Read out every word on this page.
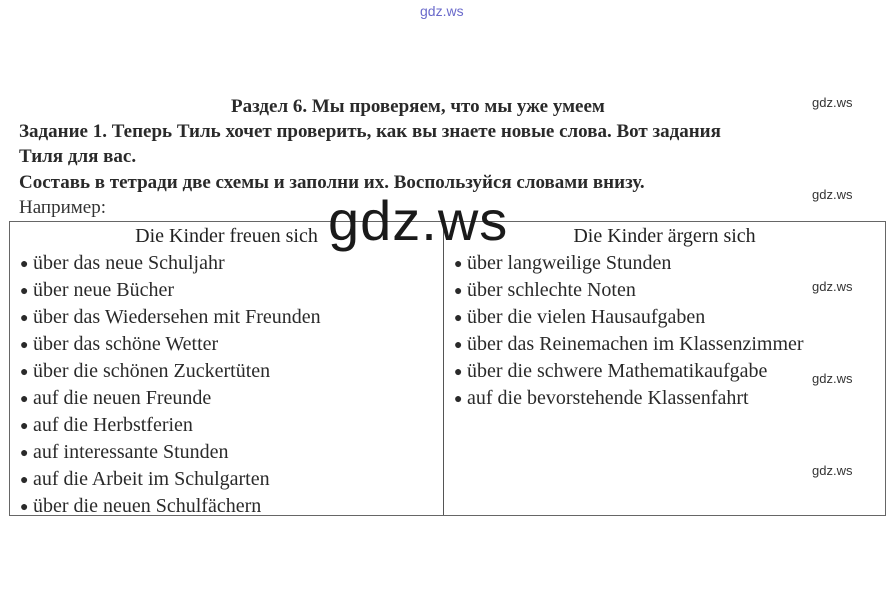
gdz.ws
gdz.ws
gdz.ws
gdz.ws
gdz.ws
gdz.ws
Раздел 6. Мы проверяем, что мы уже умеем
Задание 1. Теперь Тиль хочет проверить, как вы знаете новые слова. Вот задания
Тиля для вас.
Составь в тетради две схемы и заполни их. Воспользуйся словами внизу.
Например:
Die Kinder freuen sich
● über das neue Schuljahr
● über neue Bücher
● über das Wiedersehen mit Freunden
● über das schöne Wetter
● über die schönen Zuckertüten
● auf die neuen Freunde
● auf die Herbstferien
● auf interessante Stunden
● auf die Arbeit im Schulgarten
● über die neuen Schulfächern
Die Kinder ärgern sich
● über langweilige Stunden
● über schlechte Noten
● über die vielen Hausaufgaben
● über das Reinemachen im Klassenzimmer
● über die schwere Mathematikaufgabe
● auf die bevorstehende Klassenfahrt
gdz.ws
